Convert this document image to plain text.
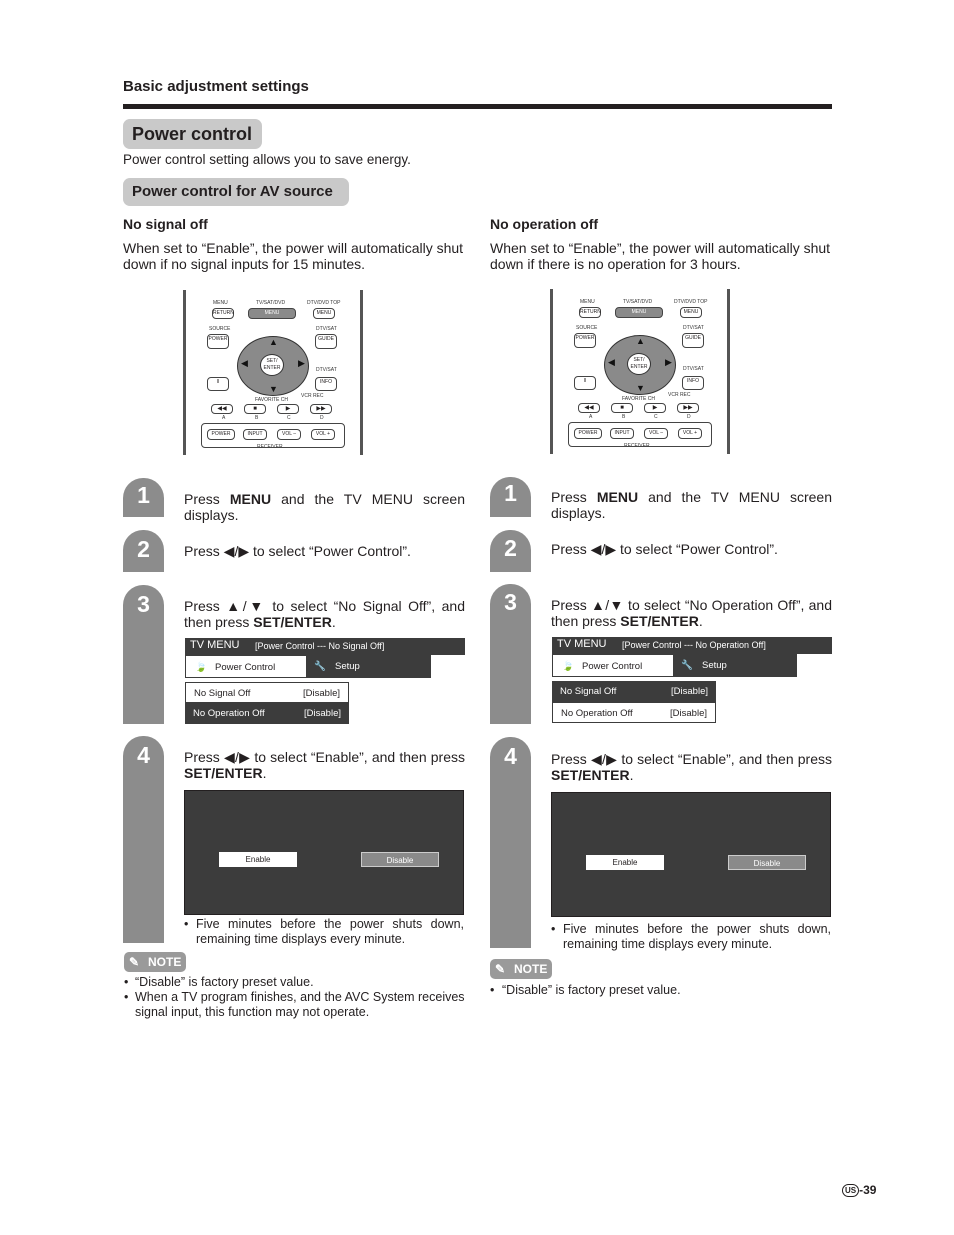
Basic adjustment settings
Power control
Power control setting allows you to save energy.
Power control for AV source
No signal off
When set to “Enable”, the power will automatically shut down if no signal inputs for 15 minutes.
No operation off
When set to “Enable”, the power will automatically shut down if there is no operation for 3 hours.
MENU	TV/SAT/DVD	DTV/DVD TOP
RETURN	MENU	MENU
SOURCE	DTV/SAT
POWER	GUIDE
DTV/SAT
II	INFO
FAVORITE CH
VCR REC
A	B	C	D
POWER	INPUT	VOL –	VOL +
RECEIVER
SET/ ENTER
▲
▼
◀	▶
◀◀	■	▶	▶▶
MENU	TV/SAT/DVD	DTV/DVD TOP
RETURN	MENU	MENU
SOURCE	DTV/SAT
POWER	GUIDE
DTV/SAT
II	INFO
FAVORITE CH
VCR REC
A	B	C	D
POWER	INPUT	VOL –	VOL +
RECEIVER
SET/ ENTER
▲
▼
◀	▶
◀◀	■	▶	▶▶
1	Press MENU and the TV MENU screen displays.
2	Press ◀/▶ to select “Power Control”.
3	Press ▲/▼ to select “No Signal Off”, and then press SET/ENTER.
TV MENU [Power Control --- No Signal Off]
🍃 Power Control	🔧 Setup
No Signal Off	[Disable]
No Operation Off	[Disable]
4	Press ◀/▶ to select “Enable”, and then press SET/ENTER.
Enable	Disable
• Five minutes before the power shuts down, remaining time displays every minute.
✎ NOTE
• “Disable” is factory preset value.
• When a TV program finishes, and the AVC System receives signal input, this function may not operate.
1	Press MENU and the TV MENU screen displays.
2	Press ◀/▶ to select “Power Control”.
3	Press ▲/▼ to select “No Operation Off”, and then press SET/ENTER.
TV MENU [Power Control --- No Operation Off]
🍃 Power Control	🔧 Setup
No Signal Off	[Disable]
No Operation Off	[Disable]
4	Press ◀/▶ to select “Enable”, and then press SET/ENTER.
Enable	Disable
• Five minutes before the power shuts down, remaining time displays every minute.
✎ NOTE
• “Disable” is factory preset value.
US -39
